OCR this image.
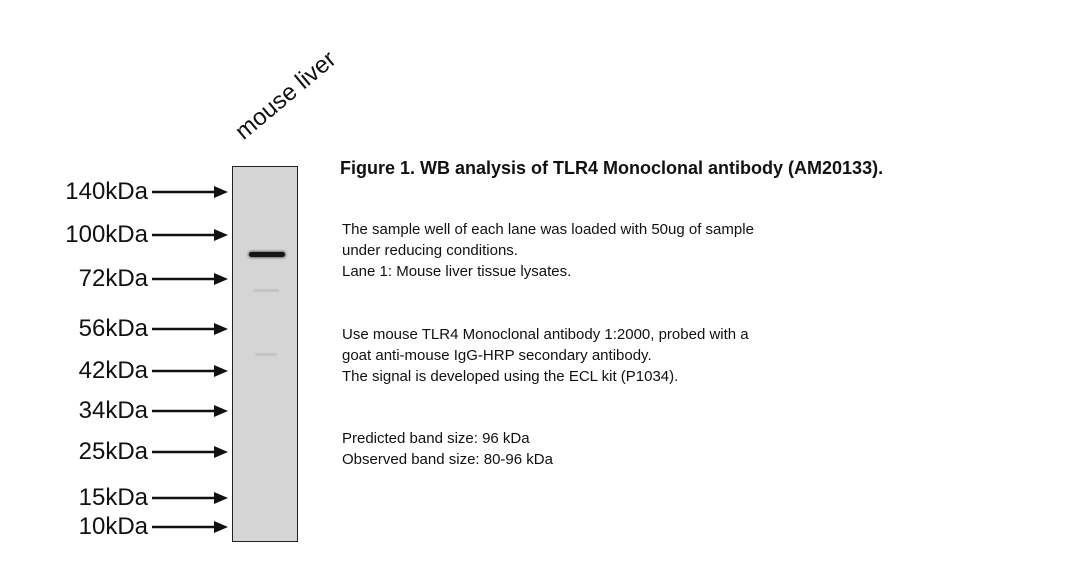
mouse liver
140kDa
100kDa
72kDa
56kDa
42kDa
34kDa
25kDa
15kDa
10kDa
Figure 1. WB analysis of TLR4 Monoclonal antibody (AM20133).
The sample well of each lane was loaded with 50ug of sample
under reducing conditions.
Lane 1: Mouse liver tissue lysates.
Use mouse TLR4 Monoclonal antibody 1:2000, probed with a
goat anti-mouse IgG-HRP secondary antibody.
The signal is developed using the ECL kit (P1034).
Predicted band size: 96 kDa
Observed band size: 80-96 kDa
